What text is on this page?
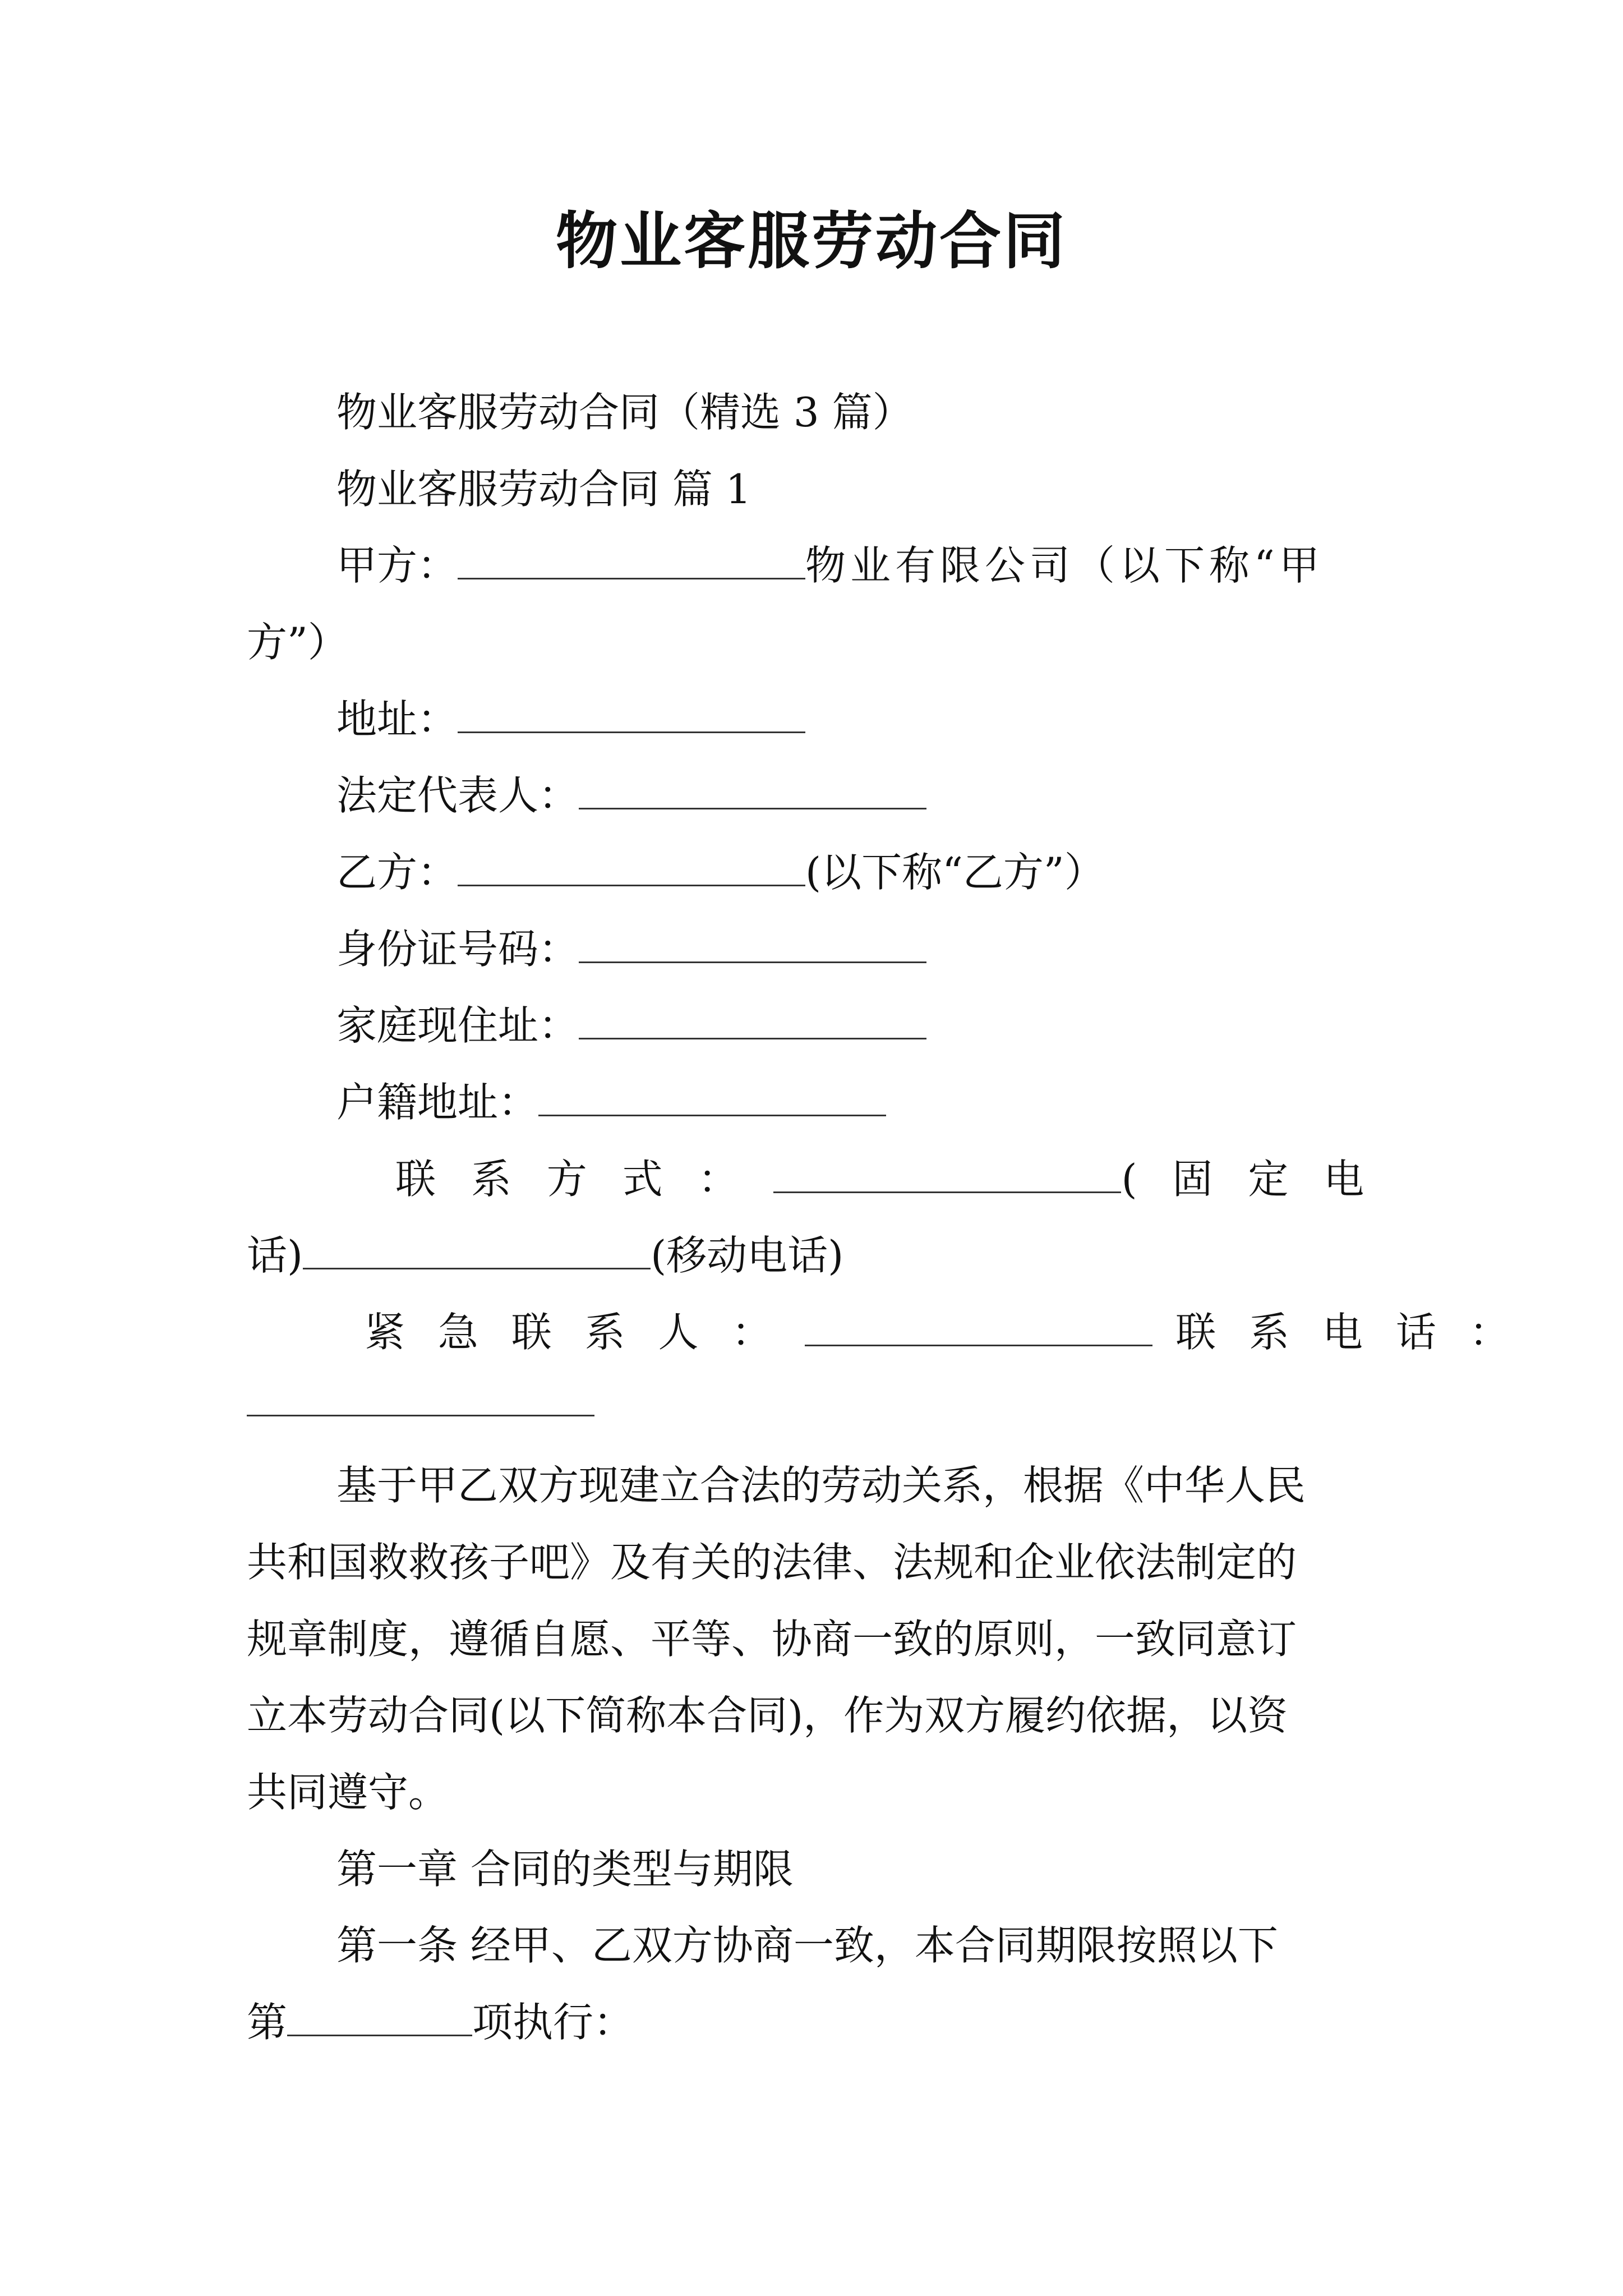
物业客服劳动合同
物业客服劳动合同（精选 3 篇）
物业客服劳动合同 篇 1
甲方：	物业有限公司（以下称“甲
方”）
地址：
法定代表人：
乙方：	(以下称“乙方”）
身份证号码：
家庭现住址：
户籍地址：
联 系 方 式 ：	( 固 定 电
话)	(移动电话)
紧 急 联 系 人 ：	联 系 电 话 ：
基于甲乙双方现建立合法的劳动关系，根据《中华人民
共和国救救孩子吧》及有关的法律、法规和企业依法制定的
规章制度，遵循自愿、平等、协商一致的原则，一致同意订
立本劳动合同(以下简称本合同)，作为双方履约依据，以资
共同遵守。
第一章 合同的类型与期限
第一条 经甲、乙双方协商一致，本合同期限按照以下
第	项执行：
